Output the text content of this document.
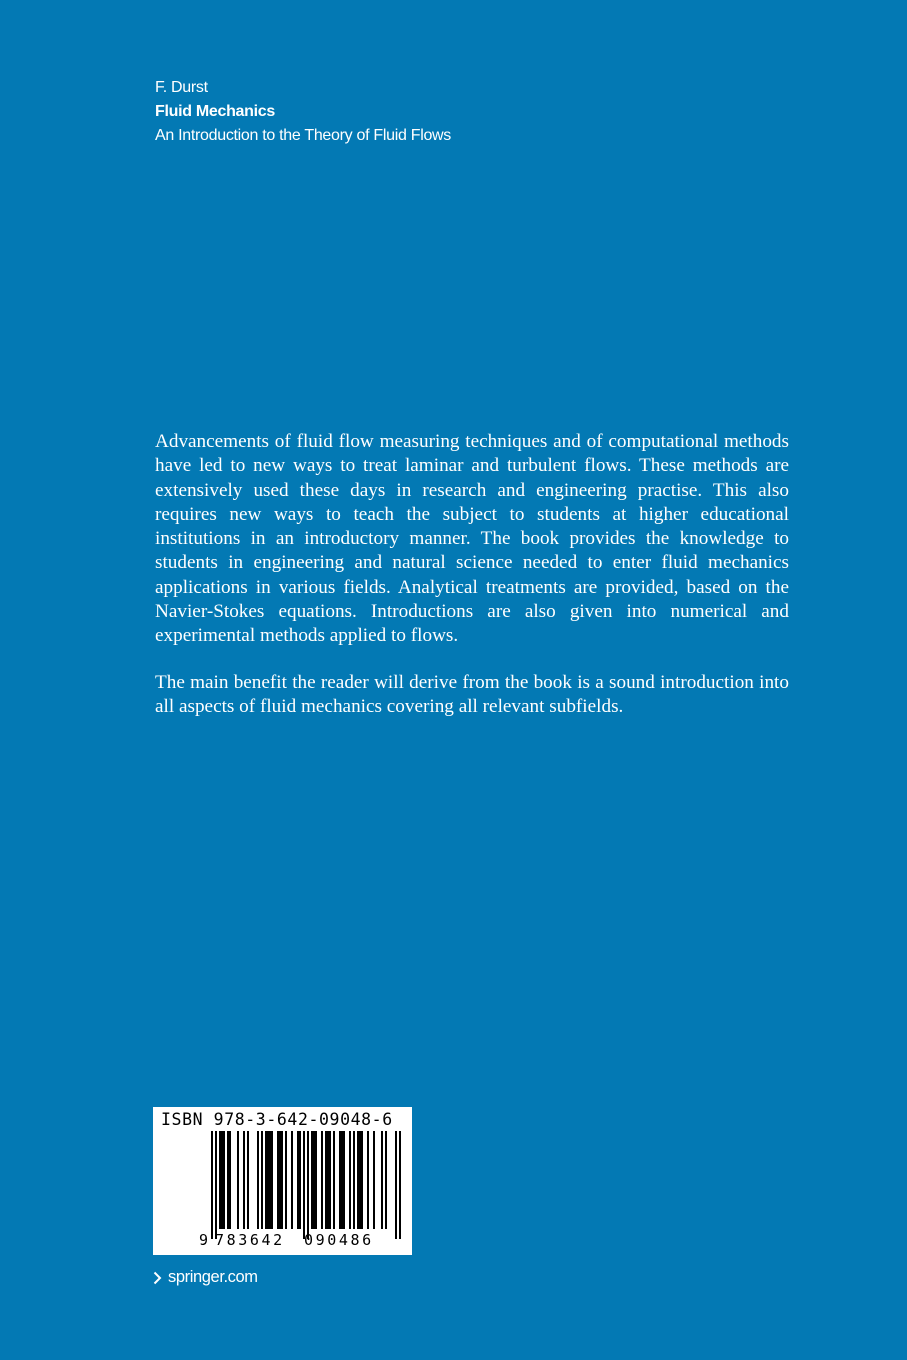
F. Durst
Fluid Mechanics
An Introduction to the Theory of Fluid Flows

Advancements of fluid flow measuring techniques and of computational methods have led to new ways to treat laminar and turbulent flows. These methods are extensively used these days in research and engineering practise. This also requires new ways to teach the subject to students at higher educational institutions in an introductory manner. The book provides the knowledge to students in engineering and natural science needed to enter fluid mechanics applications in various fields. Analytical treatments are provided, based on the Navier-Stokes equations. Introductions are also given into numerical and experimental methods applied to flows.

The main benefit the reader will derive from the book is a sound introduction into all aspects of fluid mechanics covering all relevant subfields.

ISBN 978-3-642-09048-6
9 783642 090486
springer.com
